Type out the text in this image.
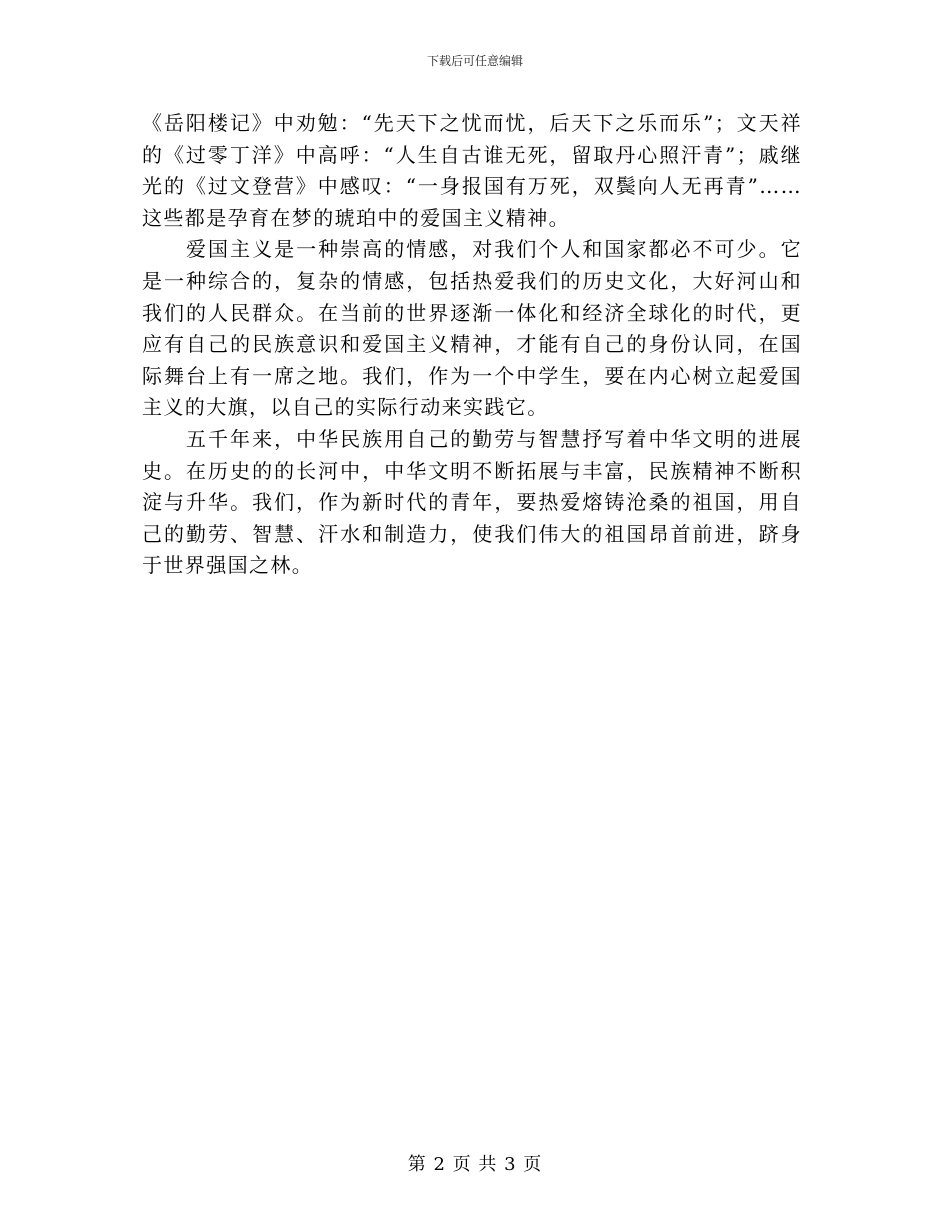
下载后可任意编辑

《岳阳楼记》中劝勉：“先天下之忧而忧，后天下之乐而乐”；文天祥的《过零丁洋》中高呼：“人生自古谁无死，留取丹心照汗青”；戚继光的《过文登营》中感叹：“一身报国有万死，双鬓向人无再青”……这些都是孕育在梦的琥珀中的爱国主义精神。

爱国主义是一种崇高的情感，对我们个人和国家都必不可少。它是一种综合的，复杂的情感，包括热爱我们的历史文化，大好河山和我们的人民群众。在当前的世界逐渐一体化和经济全球化的时代，更应有自己的民族意识和爱国主义精神，才能有自己的身份认同，在国际舞台上有一席之地。我们，作为一个中学生，要在内心树立起爱国主义的大旗，以自己的实际行动来实践它。

五千年来，中华民族用自己的勤劳与智慧抒写着中华文明的进展史。在历史的的长河中，中华文明不断拓展与丰富，民族精神不断积淀与升华。我们，作为新时代的青年，要热爱熔铸沧桑的祖国，用自己的勤劳、智慧、汗水和制造力，使我们伟大的祖国昂首前进，跻身于世界强国之林。

第 2 页 共 3 页
